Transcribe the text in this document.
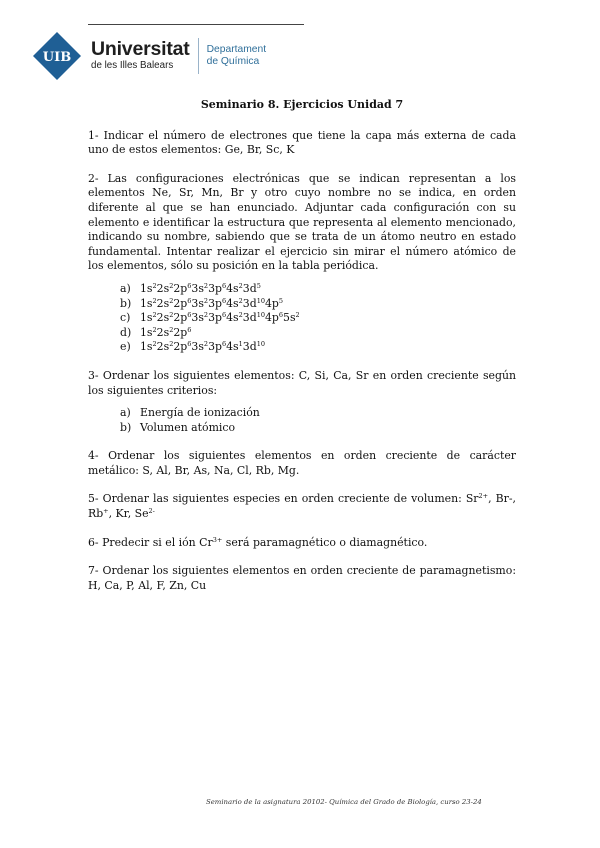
UIB Universitat
de les Illes Balears
Departament
de Química
Seminario 8. Ejercicios Unidad 7

1- Indicar el número de electrones que tiene la capa más externa de cada uno de estos elementos: Ge, Br, Sc, K

2- Las configuraciones electrónicas que se indican representan a los elementos Ne, Sr, Mn, Br y otro cuyo nombre no se indica, en orden diferente al que se han enunciado. Adjuntar cada configuración con su elemento e identificar la estructura que representa al elemento mencionado, indicando su nombre, sabiendo que se trata de un átomo neutro en estado fundamental. Intentar realizar el ejercicio sin mirar el número atómico de los elementos, sólo su posición en la tabla periódica.

a) $1s^22s^22p^63s^23p^64s^23d^5$
b) $1s^22s^22p^63s^23p^64s^23d^{10}4p^5$
c) $1s^22s^22p^63s^23p^64s^23d^{10}4p^65s^2$
d) $1s^22s^22p^6$
e) $1s^22s^22p^63s^23p^64s^13d^{10}$

3- Ordenar los siguientes elementos: C, Si, Ca, Sr en orden creciente según los siguientes criterios:

a) Energía de ionización
b) Volumen atómico

4- Ordenar los siguientes elementos en orden creciente de carácter metálico: S, Al, Br, As, Na, Cl, Rb, Mg.

5- Ordenar las siguientes especies en orden creciente de volumen: $Sr^{2+}$, Br-, Rb+, Kr, $Se^{2-}$

6- Predecir si el ión $Cr^{3+}$ será paramagnético o diamagnético.

7- Ordenar los siguientes elementos en orden creciente de paramagnetismo: H, Ca, P, Al, F, Zn, Cu

Seminario de la asignatura 20102- Química del Grado de Biología, curso 23-24
